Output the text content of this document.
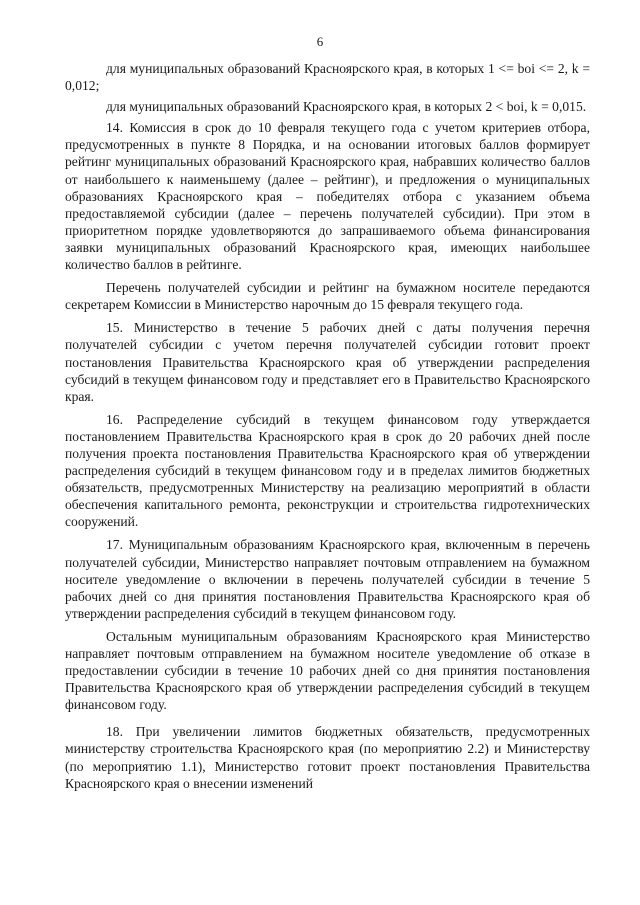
6

для муниципальных образований Красноярского края, в которых 1 <= boi <= 2, k = 0,012;

для муниципальных образований Красноярского края, в которых 2 < boi, k = 0,015.

14. Комиссия в срок до 10 февраля текущего года с учетом критериев отбора, предусмотренных в пункте 8 Порядка, и на основании итоговых баллов формирует рейтинг муниципальных образований Красноярского края, набравших количество баллов от наибольшего к наименьшему (далее – рейтинг), и предложения о муниципальных образованиях Красноярского края – победителях отбора с указанием объема предоставляемой субсидии (далее – перечень получателей субсидии). При этом в приоритетном порядке удовлетворяются до запрашиваемого объема финансирования заявки муниципальных образований Красноярского края, имеющих наибольшее количество баллов в рейтинге.

Перечень получателей субсидии и рейтинг на бумажном носителе передаются секретарем Комиссии в Министерство нарочным до 15 февраля текущего года.

15. Министерство в течение 5 рабочих дней с даты получения перечня получателей субсидии с учетом перечня получателей субсидии готовит проект постановления Правительства Красноярского края об утверждении распределения субсидий в текущем финансовом году и представляет его в Правительство Красноярского края.

16. Распределение субсидий в текущем финансовом году утверждается постановлением Правительства Красноярского края в срок до 20 рабочих дней после получения проекта постановления Правительства Красноярского края об утверждении распределения субсидий в текущем финансовом году и в пределах лимитов бюджетных обязательств, предусмотренных Министерству на реализацию мероприятий в области обеспечения капитального ремонта, реконструкции и строительства гидротехнических сооружений.

17. Муниципальным образованиям Красноярского края, включенным в перечень получателей субсидии, Министерство направляет почтовым отправлением на бумажном носителе уведомление о включении в перечень получателей субсидии в течение 5 рабочих дней со дня принятия постановления Правительства Красноярского края об утверждении распределения субсидий в текущем финансовом году.

Остальным муниципальным образованиям Красноярского края Министерство направляет почтовым отправлением на бумажном носителе уведомление об отказе в предоставлении субсидии в течение 10 рабочих дней со дня принятия постановления Правительства Красноярского края об утверждении распределения субсидий в текущем финансовом году.

18. При увеличении лимитов бюджетных обязательств, предусмотренных министерству строительства Красноярского края (по мероприятию 2.2) и Министерству (по мероприятию 1.1), Министерство готовит проект постановления Правительства Красноярского края о внесении изменений
